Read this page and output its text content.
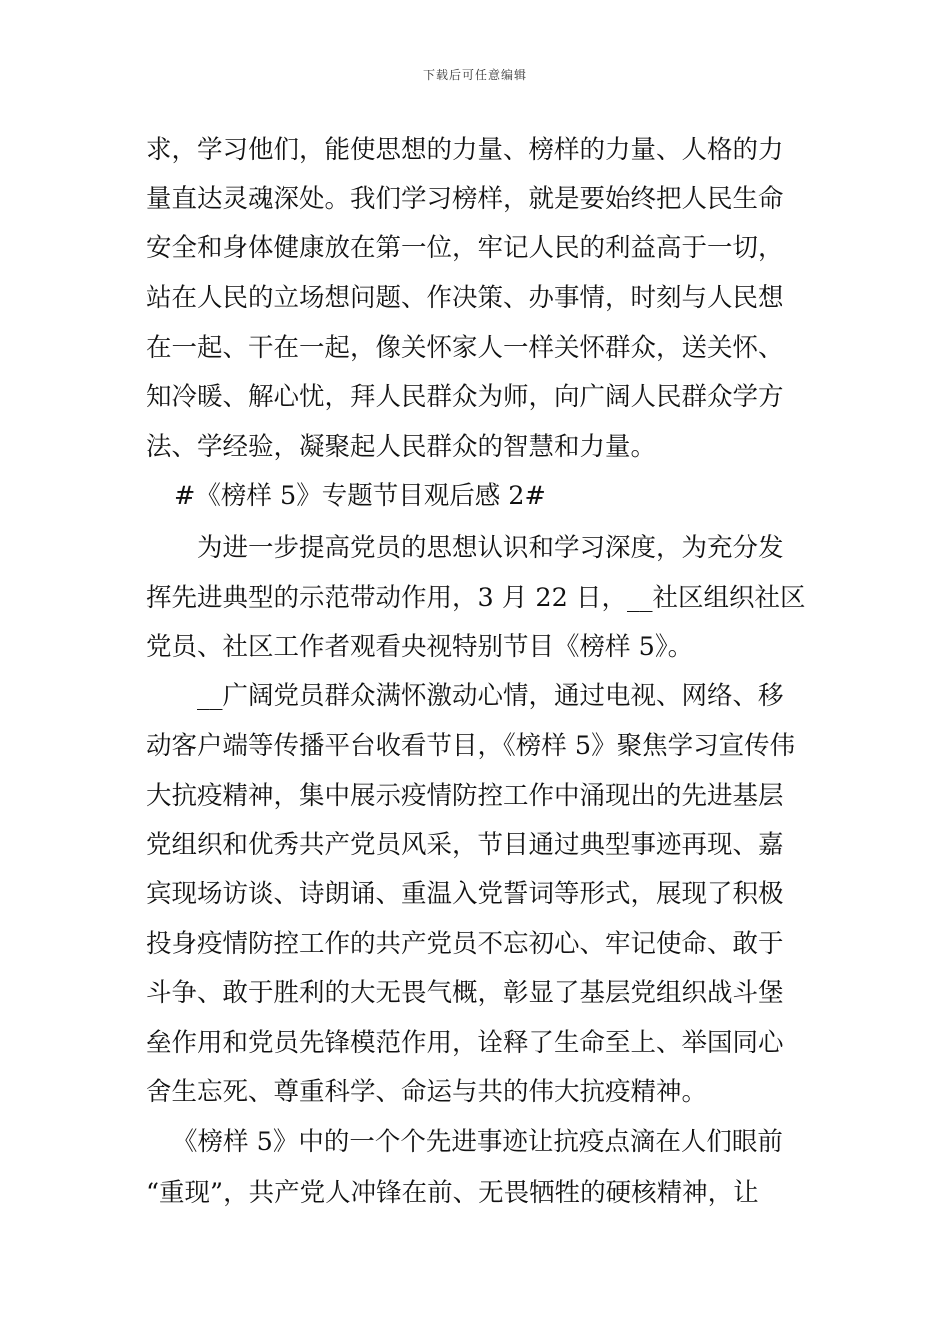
下载后可任意编辑
求，学习他们，能使思想的力量、榜样的力量、人格的力
量直达灵魂深处。我们学习榜样，就是要始终把人民生命
安全和身体健康放在第一位，牢记人民的利益高于一切，
站在人民的立场想问题、作决策、办事情，时刻与人民想
在一起、干在一起，像关怀家人一样关怀群众，送关怀、
知冷暖、解心忧，拜人民群众为师，向广阔人民群众学方
法、学经验，凝聚起人民群众的智慧和力量。
#《榜样 5》专题节目观后感 2#
为进一步提高党员的思想认识和学习深度，为充分发
挥先进典型的示范带动作用，3 月 22 日，__社区组织社区
党员、社区工作者观看央视特别节目《榜样 5》。
__广阔党员群众满怀激动心情，通过电视、网络、移
动客户端等传播平台收看节目，《榜样 5》聚焦学习宣传伟
大抗疫精神，集中展示疫情防控工作中涌现出的先进基层
党组织和优秀共产党员风采，节目通过典型事迹再现、嘉
宾现场访谈、诗朗诵、重温入党誓词等形式，展现了积极
投身疫情防控工作的共产党员不忘初心、牢记使命、敢于
斗争、敢于胜利的大无畏气概，彰显了基层党组织战斗堡
垒作用和党员先锋模范作用，诠释了生命至上、举国同心
舍生忘死、尊重科学、命运与共的伟大抗疫精神。
《榜样 5》中的一个个先进事迹让抗疫点滴在人们眼前
“重现”，共产党人冲锋在前、无畏牺牲的硬核精神，让
